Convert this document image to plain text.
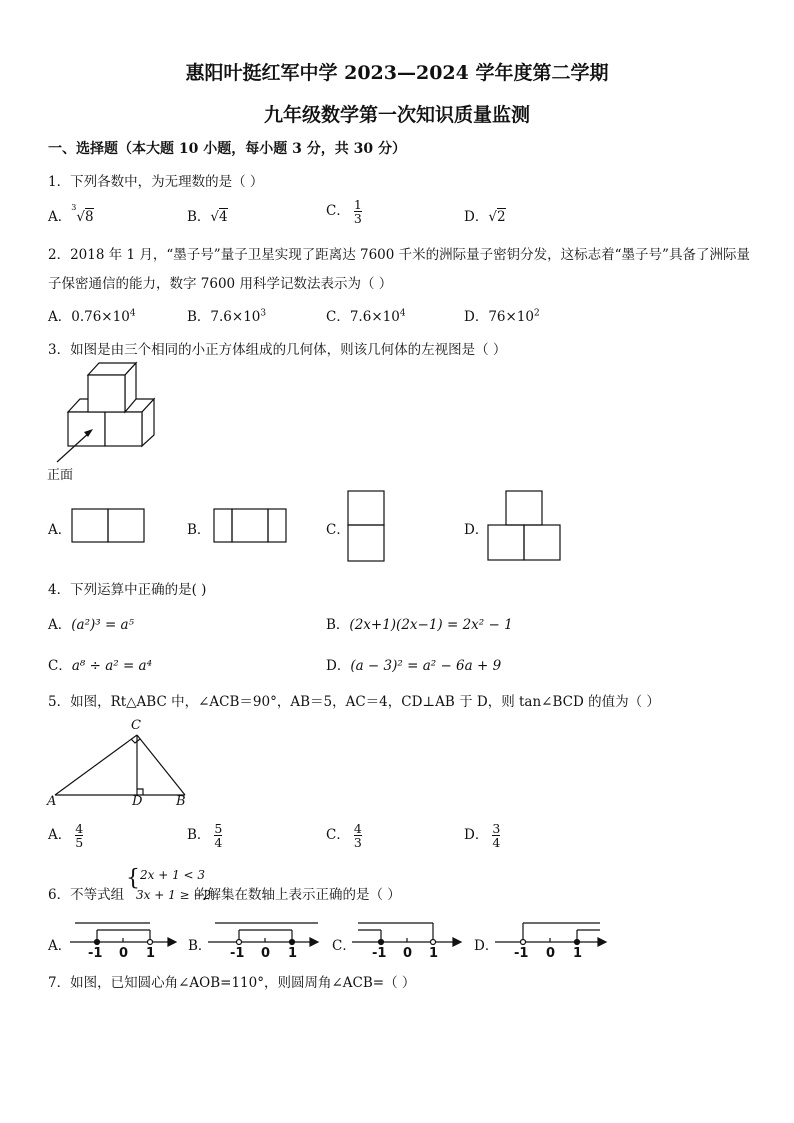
惠阳叶挺红军中学 2023—2024 学年度第二学期
九年级数学第一次知识质量监测
一、选择题（本大题 10 小题，每小题 3 分，共 30 分）
1．下列各数中，为无理数的是（ ）
A．$^3$√8	B．√4	C． $\frac{1}{3}$	D．√2
2．2018 年 1 月，“墨子号”量子卫星实现了距离达 7600 千米的洲际量子密钥分发，这标志着“墨子号”具备了洲际量
子保密通信的能力，数字 7600 用科学记数法表示为（ ）
A．$0.76\times 10^4$	B．$7.6\times 10^3$	C．$7.6\times 10^4$	D．$76\times 10^2$
3．如图是由三个相同的小正方体组成的几何体，则该几何体的左视图是（ ）
正面
A．	B．	C．	D．
4．下列运算中正确的是( )
A．(a²)³ = a⁵	B．(2x+1)(2x−1) = 2x² − 1
C．a⁸ ÷ a² = a⁴	D．(a − 3)² = a² − 6a + 9
5．如图，Rt△ABC 中，∠ACB＝90°，AB＝5，AC＝4，CD⊥AB 于 D，则 tan∠BCD 的值为（ ）
C
A	D	B
A． $\frac{4}{5}$	B． $\frac{5}{4}$	C． $\frac{4}{3}$	D． $\frac{3}{4}$
6．不等式组
{ 2x + 1 < 3
3x + 1 ≥ −2
的解集在数轴上表示正确的是（ ）
A．	B．	C．	D．
-1 0 1	-1 0 1	-1 0 1	-1 0 1
7．如图，已知圆心角∠AOB=110°，则圆周角∠ACB=（ ）
